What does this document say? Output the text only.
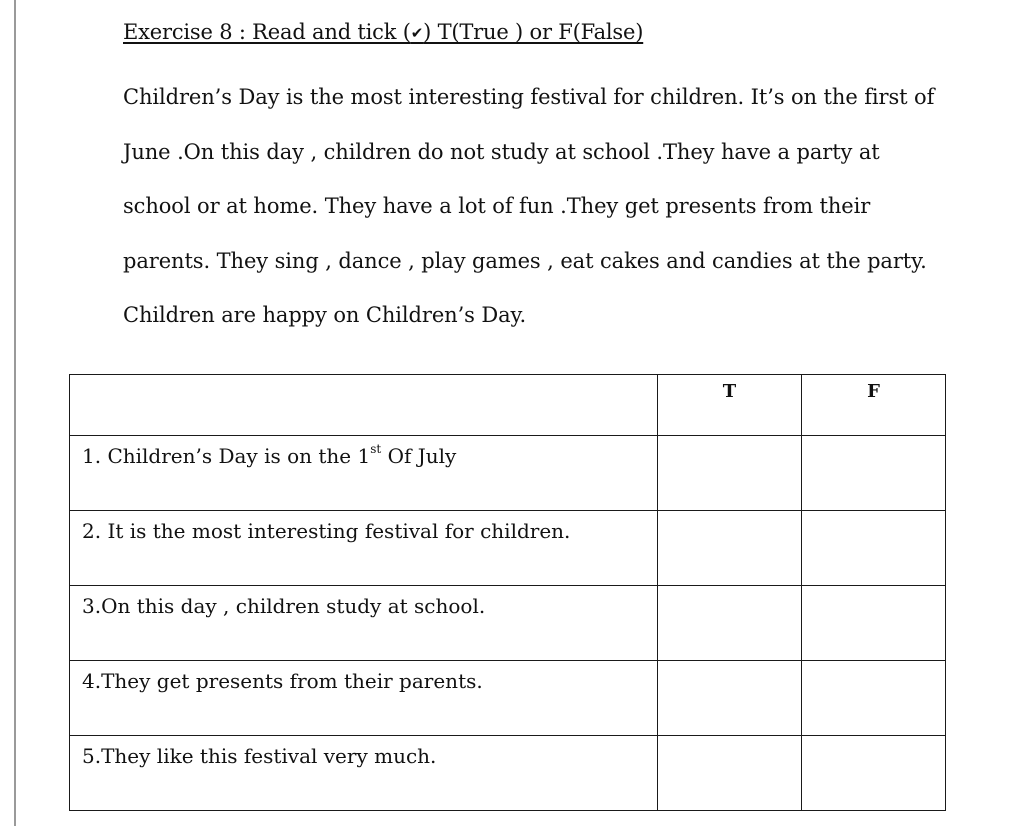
Exercise 8 : Read and tick (✔) T(True ) or F(False)
Children’s Day is the most interesting festival for children. It’s on the first of
June .On this day , children do not study at school .They have a party at
school or at home. They have a lot of fun .They get presents from their
parents. They sing , dance , play games , eat cakes and candies at the party.
Children are happy on Children’s Day.
	T	F
1. Children’s Day is on the 1st Of July		
2. It is the most interesting festival for children.		
3.On this day , children study at school.		
4.They get presents from their parents.		
5.They like this festival very much.		
